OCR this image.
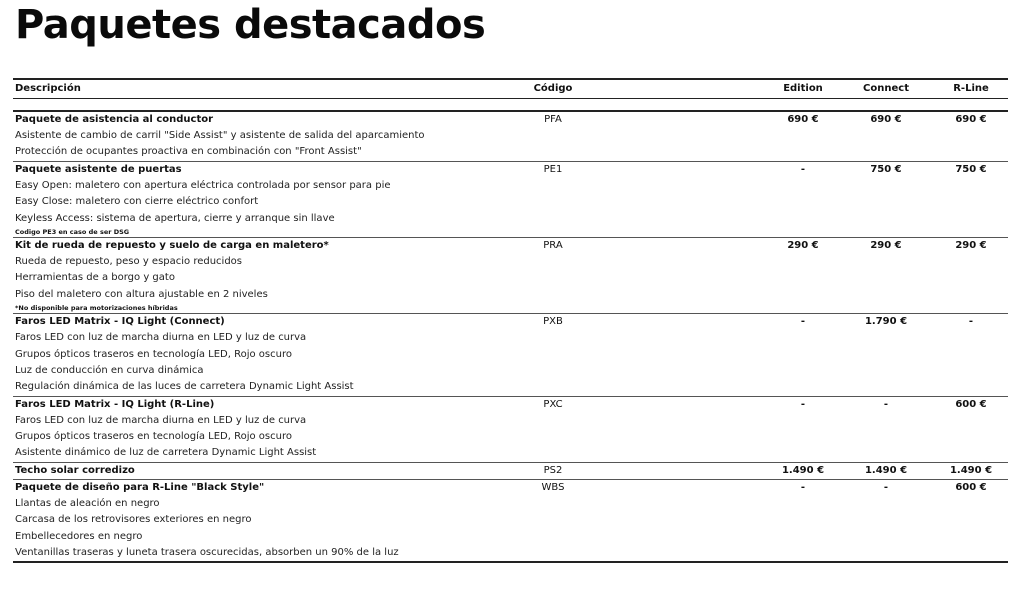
Paquetes destacados
Descripción	Código	Edition	Connect	R-Line
Paquete de asistencia al conductor	PFA	690 €	690 €	690 €
Asistente de cambio de carril "Side Assist" y asistente de salida del aparcamiento
Protección de ocupantes proactiva en combinación con "Front Assist"
Paquete asistente de puertas	PE1	-	750 €	750 €
Easy Open: maletero con apertura eléctrica controlada por sensor para pie
Easy Close: maletero con cierre eléctrico confort
Keyless Access: sistema de apertura, cierre y arranque sin llave
Codigo PE3 en caso de ser DSG
Kit de rueda de repuesto y suelo de carga en maletero*	PRA	290 €	290 €	290 €
Rueda de repuesto, peso y espacio reducidos
Herramientas de a borgo y gato
Piso del maletero con altura ajustable en 2 niveles
*No disponible para motorizaciones híbridas
Faros LED Matrix - IQ Light (Connect)	PXB	-	1.790 €	-
Faros LED con luz de marcha diurna en LED y luz de curva
Grupos ópticos traseros en tecnología LED, Rojo oscuro
Luz de conducción en curva dinámica
Regulación dinámica de las luces de carretera Dynamic Light Assist
Faros LED Matrix - IQ Light (R-Line)	PXC	-	-	600 €
Faros LED con luz de marcha diurna en LED y luz de curva
Grupos ópticos traseros en tecnología LED, Rojo oscuro
Asistente dinámico de luz de carretera Dynamic Light Assist
Techo solar corredizo	PS2	1.490 €	1.490 €	1.490 €
Paquete de diseño para R-Line "Black Style"	WBS	-	-	600 €
Llantas de aleación en negro
Carcasa de los retrovisores exteriores en negro
Embellecedores en negro
Ventanillas traseras y luneta trasera oscurecidas, absorben un 90% de la luz
